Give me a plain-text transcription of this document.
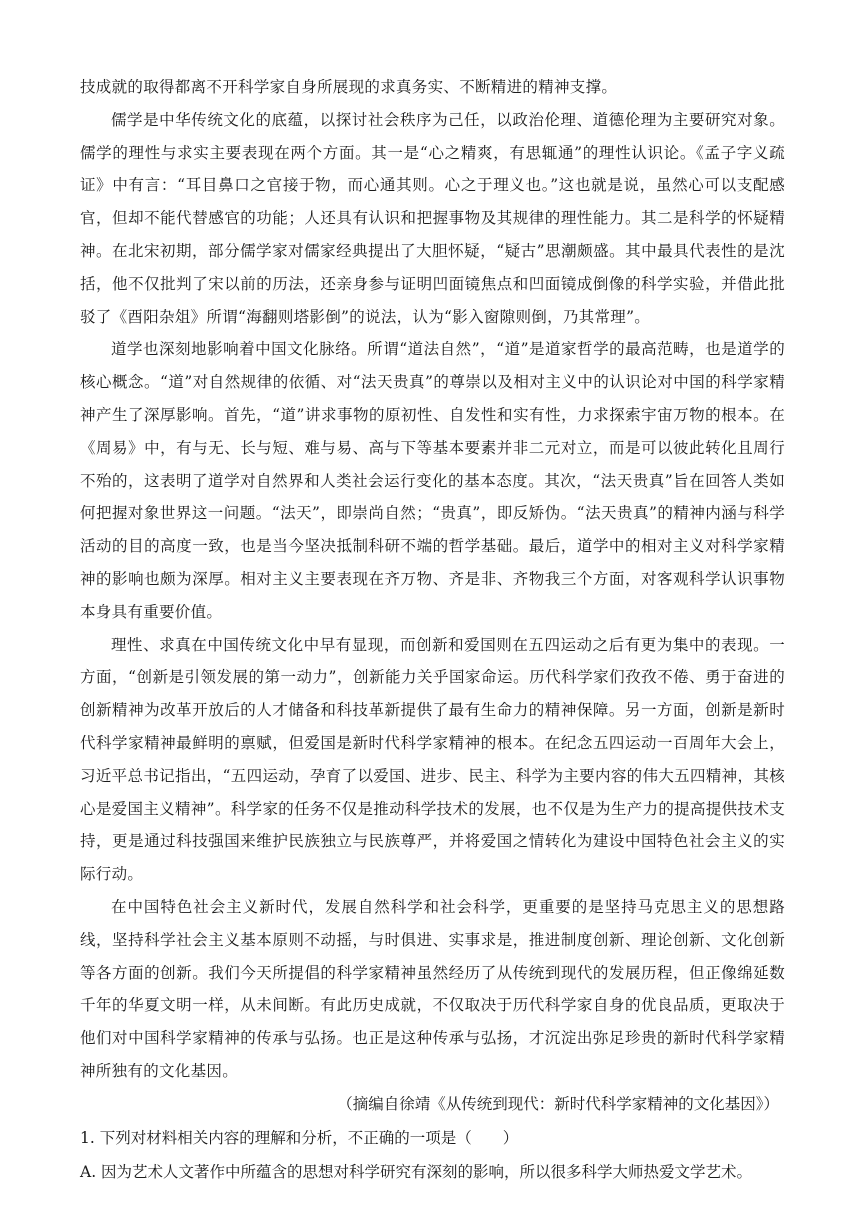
技成就的取得都离不开科学家自身所展现的求真务实、不断精进的精神支撑。

儒学是中华传统文化的底蕴，以探讨社会秩序为己任，以政治伦理、道德伦理为主要研究对象。儒学的理性与求实主要表现在两个方面。其一是“心之精爽，有思辄通”的理性认识论。《孟子字义疏证》中有言：“耳目鼻口之官接于物，而心通其则。心之于理义也。”这也就是说，虽然心可以支配感官，但却不能代替感官的功能；人还具有认识和把握事物及其规律的理性能力。其二是科学的怀疑精神。在北宋初期，部分儒学家对儒家经典提出了大胆怀疑，“疑古”思潮颇盛。其中最具代表性的是沈括，他不仅批判了宋以前的历法，还亲身参与证明凹面镜焦点和凹面镜成倒像的科学实验，并借此批驳了《酉阳杂俎》所谓“海翻则塔影倒”的说法，认为“影入窗隙则倒，乃其常理”。

道学也深刻地影响着中国文化脉络。所谓“道法自然”，“道”是道家哲学的最高范畴，也是道学的核心概念。“道”对自然规律的依循、对“法天贵真”的尊崇以及相对主义中的认识论对中国的科学家精神产生了深厚影响。首先，“道”讲求事物的原初性、自发性和实有性，力求探索宇宙万物的根本。在《周易》中，有与无、长与短、难与易、高与下等基本要素并非二元对立，而是可以彼此转化且周行不殆的，这表明了道学对自然界和人类社会运行变化的基本态度。其次，“法天贵真”旨在回答人类如何把握对象世界这一问题。“法天”，即崇尚自然；“贵真”，即反矫伪。“法天贵真”的精神内涵与科学活动的目的高度一致，也是当今坚决抵制科研不端的哲学基础。最后，道学中的相对主义对科学家精神的影响也颇为深厚。相对主义主要表现在齐万物、齐是非、齐物我三个方面，对客观科学认识事物本身具有重要价值。

理性、求真在中国传统文化中早有显现，而创新和爱国则在五四运动之后有更为集中的表现。一方面，“创新是引领发展的第一动力”，创新能力关乎国家命运。历代科学家们孜孜不倦、勇于奋进的创新精神为改革开放后的人才储备和科技革新提供了最有生命力的精神保障。另一方面，创新是新时代科学家精神最鲜明的禀赋，但爱国是新时代科学家精神的根本。在纪念五四运动一百周年大会上，习近平总书记指出，“五四运动，孕育了以爱国、进步、民主、科学为主要内容的伟大五四精神，其核心是爱国主义精神”。科学家的任务不仅是推动科学技术的发展，也不仅是为生产力的提高提供技术支持，更是通过科技强国来维护民族独立与民族尊严，并将爱国之情转化为建设中国特色社会主义的实际行动。

在中国特色社会主义新时代，发展自然科学和社会科学，更重要的是坚持马克思主义的思想路线，坚持科学社会主义基本原则不动摇，与时俱进、实事求是，推进制度创新、理论创新、文化创新等各方面的创新。我们今天所提倡的科学家精神虽然经历了从传统到现代的发展历程，但正像绵延数千年的华夏文明一样，从未间断。有此历史成就，不仅取决于历代科学家自身的优良品质，更取决于他们对中国科学家精神的传承与弘扬。也正是这种传承与弘扬，才沉淀出弥足珍贵的新时代科学家精神所独有的文化基因。

（摘编自徐靖《从传统到现代：新时代科学家精神的文化基因》）

1. 下列对材料相关内容的理解和分析，不正确的一项是（　　）

A. 因为艺术人文著作中所蕴含的思想对科学研究有深刻的影响，所以很多科学大师热爱文学艺术。
